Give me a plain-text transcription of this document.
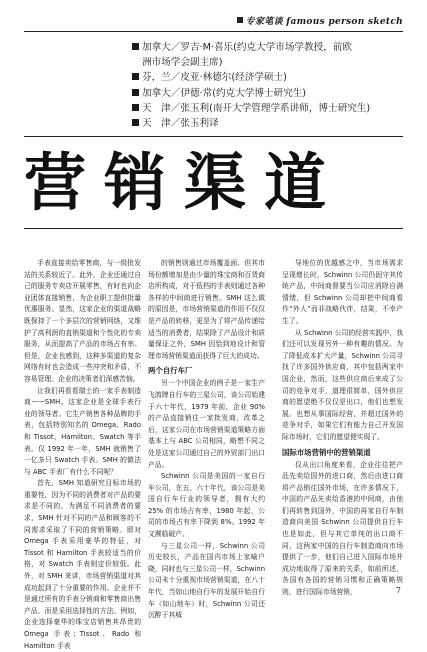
专家笔谈 famous person sketch
加拿大／罗吉·M·喜乐(约克大学市场学教授，前欧
洲市场学会副主席)
芬，兰／皮亚·林德尔(经济学硕士)
加拿大／伊德·常(约克大学博士研究生)
天　津／张玉利(南开大学管理学系讲师，博士研究生)
天　津／张玉利译
营销渠道

手表直接卖给零售商，与一级批发站的关系较近了。此外，企业还通过自己的服务专卖店开展零售，有时也向企业团体直接销售，为企业职工提供批量优惠服务。显然，这家企业的渠道战略既保持了一个多层次的营销网络，又维护了高利润的直销渠道和个性化的专卖服务，从而提高了产品的市场占有率。但是，企业也感到，这种多渠道的复杂网络有时也会造成一些冲突和矛盾，不容易管理。企业的决策者们深感苦恼。

让我们再看看瑞士的一家手表制造商——SMH。这家企业是全球手表行业的领导者。它生产销售各种品牌的手表，包括特别知名的 Omega、Rado 和 Tissot、Hamilton、Swatch 等手表。仅 1992 年一年，SMH 就销售了一亿多只 Swatch 手表。SMH 的做法与 ABC 手表厂有什么不同呢？

首先，SMH 知道研究目标市场的重要性，因为不同的消费者对产品的要求是不同的，为满足不同消费者的要求，SMH 针对不同的产品和顾客的不同需求采取了不同的营销策略。即对 Omega 手表采用豪华的特征，对 Tissot 和 Hamilton 手表较适当的价格，对 Swatch 手表则定价较低。此外，对 SMH 来讲，市场营销渠道对其成功起到了十分重要的作用。企业并不是通过所有的手表分销商和零售商出售产品，而是采用选择性的方法。例如，企业选择豪华的珠宝店销售其昂贵的 Omega 手表；Tissot、Rado 和 Hamilton 手表

的销售则通过市场覆盖面、但其市场份额增加是由少量的珠宝商和百货商店所构成，对于低档的手表则通过各种各样的中间商进行销售。SMH 这么做的原因是，市场营销渠道的作用不仅仅是产品的转移，更是为了将产品传递给适当的消费者，结果除了产品设计和质量保证之外，SMH 因恰到地设计和管理市场营销渠道而获得了巨大的成功。

两个自行车厂

另一个中国企业的例子是一家生产飞鸽牌自行车的三星公司，该公司始建于六十年代，1979 年前，企业 90% 的产品直接销往一家批发商，改革之后，这家公司在市场营销渠道策略方面基本上与 ABC 公司相同，略想不同之处是这家公司通过自己的外贸部门出口产品。

Schwinn 公司是美国的一家自行车公司，在五、六十年代，该公司是美国自行车行业的领导者，拥有大约 25% 的市场占有率，1980 年起，公司的市场占有率下降到 8%。1992 年又濒临破产。

与三星公司一样，Schwinn 公司历史较长，产品在国内市场上家喻户晓，同时也与三星公司一样，Schwinn 公司未十分重视市场营销渠道，在八十年代，当如山地自行车的发展开始自行车（如山地车）时，Schwinn 公司还沉醉于其城

导地位的优越感之中，当市场需求呈现增长时，Schwinn 公司仍固守其传统产品，中间商督要当公司应消除自满情绪，但 Schwinn 公司却把中间商看作“外人”而非战略伙伴，结果，不幸产生了。

从 Schwinn 公司的经营实践中，我们还可以发现另外一种有趣的情况。为了降低成本扩大产量，Schwinn 公司寻找了许多国外供应商，其中包括两家中国企业，然而，这些供应商后来成了公司的竞争对手，道理很简单，国外供应商的愿望绝不仅仅是出口，他们也想发展。也想从事国际经营，并超过国外的竞争对手，如果它们有能力自己开发国际市场时，它们的愿望便实现了。

国际市场营销中的营销渠道

仅从出口角度来看，企业往往把产品先卖给国外的进口商，然后由进口商将产品销往国外市场，在许多情况下，中国的产品先卖给香港的中间商，由他们再转售到国外，中国的再家自行车制造商向美国 Schwinn 公司提供自行车也是如此，但与其它单纯的出口商不同，这两家中国的自行车制造商向市场提供了一步，他们自己进入国际市场并成功地取得了原来的关系，如前所述，各国有各国的营销习惯和正确策略规则，进行国际市场营销，	7
